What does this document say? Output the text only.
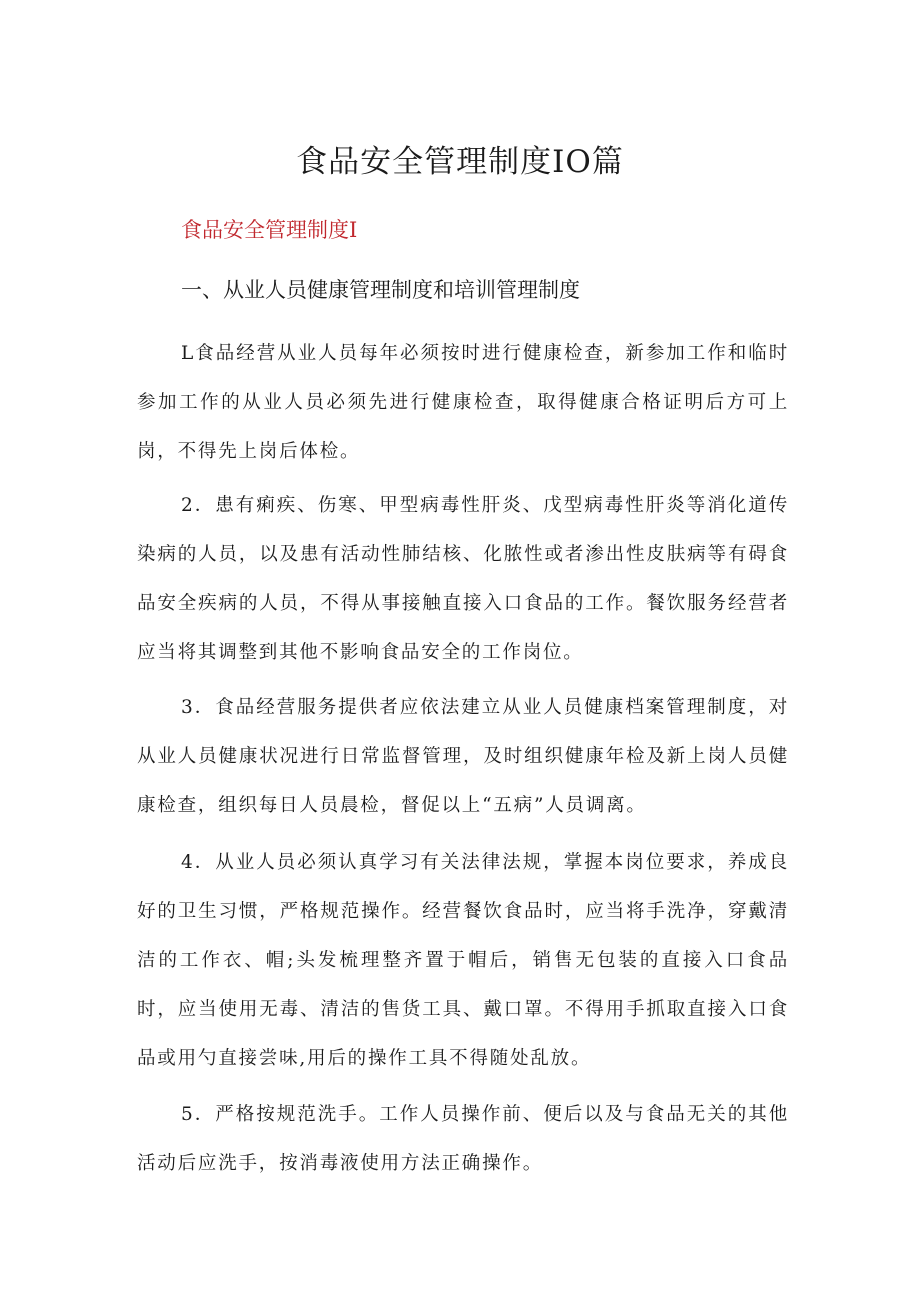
食品安全管理制度IO篇
食品安全管理制度I
一、从业人员健康管理制度和培训管理制度

L食品经营从业人员每年必须按时进行健康检查，新参加工作和临时参加工作的从业人员必须先进行健康检查，取得健康合格证明后方可上岗，不得先上岗后体检。

2．患有痢疾、伤寒、甲型病毒性肝炎、戊型病毒性肝炎等消化道传染病的人员，以及患有活动性肺结核、化脓性或者渗出性皮肤病等有碍食品安全疾病的人员，不得从事接触直接入口食品的工作。餐饮服务经营者应当将其调整到其他不影响食品安全的工作岗位。

3．食品经营服务提供者应依法建立从业人员健康档案管理制度，对从业人员健康状况进行日常监督管理，及时组织健康年检及新上岗人员健康检查，组织每日人员晨检，督促以上“五病”人员调离。

4．从业人员必须认真学习有关法律法规，掌握本岗位要求，养成良好的卫生习惯，严格规范操作。经营餐饮食品时，应当将手洗净，穿戴清洁的工作衣、帽;头发梳理整齐置于帽后，销售无包装的直接入口食品时，应当使用无毒、清洁的售货工具、戴口罩。不得用手抓取直接入口食品或用勺直接尝味,用后的操作工具不得随处乱放。

5．严格按规范洗手。工作人员操作前、便后以及与食品无关的其他活动后应洗手，按消毒液使用方法正确操作。
